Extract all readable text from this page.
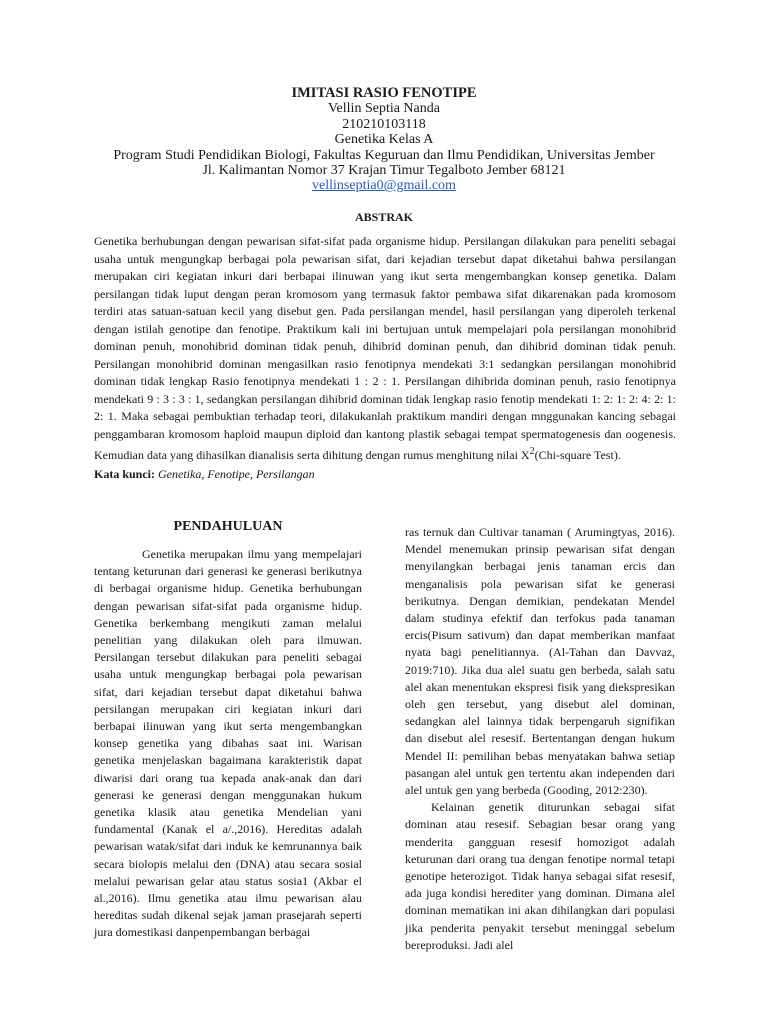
IMITASI RASIO FENOTIPE
Vellin Septia Nanda
210210103118
Genetika Kelas A
Program Studi Pendidikan Biologi, Fakultas Keguruan dan Ilmu Pendidikan, Universitas Jember
Jl. Kalimantan Nomor 37 Krajan Timur Tegalboto Jember 68121
vellinseptia0@gmail.com
ABSTRAK

Genetika berhubungan dengan pewarisan sifat-sifat pada organisme hidup. Persilangan dilakukan para peneliti sebagai usaha untuk mengungkap berbagai pola pewarisan sifat, dari kejadian tersebut dapat diketahui bahwa persilangan merupakan ciri kegiatan inkuri dari berbapai ilinuwan yang ikut serta mengembangkan konsep genetika. Dalam persilangan tidak luput dengan peran kromosom yang termasuk faktor pembawa sifat dikarenakan pada kromosom terdiri atas satuan-satuan kecil yang disebut gen. Pada persilangan mendel, hasil persilangan yang diperoleh terkenal dengan istilah genotipe dan fenotipe. Praktikum kali ini bertujuan untuk mempelajari pola persilangan monohibrid dominan penuh, monohibrid dominan tidak penuh, dihibrid dominan penuh, dan dihibrid dominan tidak penuh. Persilangan monohibrid dominan mengasilkan rasio fenotipnya mendekati 3:1 sedangkan persilangan monohibrid dominan tidak lengkap Rasio fenotipnya mendekati 1 : 2 : 1. Persilangan dihibrida dominan penuh, rasio fenotipnya mendekati 9 : 3 : 3 : 1, sedangkan persilangan dihibrid dominan tidak lengkap rasio fenotip mendekati 1: 2: 1: 2: 4: 2: 1: 2: 1. Maka sebagai pembuktian terhadap teori, dilakukanlah praktikum mandiri dengan mnggunakan kancing sebagai penggambaran kromosom haploid maupun diploid dan kantong plastik sebagai tempat spermatogenesis dan oogenesis. Kemudian data yang dihasilkan dianalisis serta dihitung dengan rumus menghitung nilai $X^2(Chi$-square Test).

Kata kunci: Genetika, Fenotipe, Persilangan
PENDAHULUAN

Genetika merupakan ilmu yang mempelajari tentang keturunan dari generasi ke generasi berikutnya di berbagai organisme hidup. Genetika berhubungan dengan pewarisan sifat-sifat pada organisme hidup. Genetika berkembang mengikuti zaman melalui penelitian yang dilakukan oleh para ilmuwan. Persilangan tersebut dilakukan para peneliti sebagai usaha untuk mengungkap berbagai pola pewarisan sifat, dari kejadian tersebut dapat diketahui bahwa persilangan merupakan ciri kegiatan inkuri dari berbapai ilinuwan yang ikut serta mengembangkan konsep genetika yang dibahas saat ini. Warisan genetika menjelaskan bagaimana karakteristik dapat diwarisi dari orang tua kepada anak-anak dan dari generasi ke generasi dengan menggunakan hukum genetika klasik atau genetika Mendelian yani fundamental (Kanak el a/.,2016). Hereditas adalah pewarisan watak/sifat dari induk ke kemrunannya baik secara biolopis melalui den (DNA) atau secara sosial melalui pewarisan gelar atau status sosia1 (Akbar el al.,2016). Ilmu genetika atau ilmu pewarisan alau hereditas sudah dikenal sejak jaman prasejarah seperti jura domestikasi danpenpembangan berbagai

ras ternuk dan Cultivar tanaman ( Arumingtyas, 2016). Mendel menemukan prinsip pewarisan sifat dengan menyilangkan berbagai jenis tanaman ercis dan menganalisis pola pewarisan sifat ke generasi berikutnya. Dengan demikian, pendekatan Mendel dalam studinya efektif dan terfokus pada tanaman ercis(Pisum sativum) dan dapat memberikan manfaat nyata bagi penelitiannya. (Al-Tahan dan Davvaz, 2019:710). Jika dua alel suatu gen berbeda, salah satu alel akan menentukan ekspresi fisik yang diekspresikan oleh gen tersebut, yang disebut alel dominan, sedangkan alel lainnya tidak berpengaruh signifikan dan disebut alel resesif. Bertentangan dengan hukum Mendel II: pemilihan bebas menyatakan bahwa setiap pasangan alel untuk gen tertentu akan independen dari alel untuk gen yang berbeda (Gooding, 2012:230).

Kelainan genetik diturunkan sebagai sifat dominan atau resesif. Sebagian besar orang yang menderita gangguan resesif homozigot adalah keturunan dari orang tua dengan fenotipe normal tetapi genotipe heterozigot. Tidak hanya sebagai sifat resesif, ada juga kondisi herediter yang dominan. Dimana alel dominan mematikan ini akan dihilangkan dari populasi jika penderita penyakit tersebut meninggal sebelum bereproduksi. Jadi alel
